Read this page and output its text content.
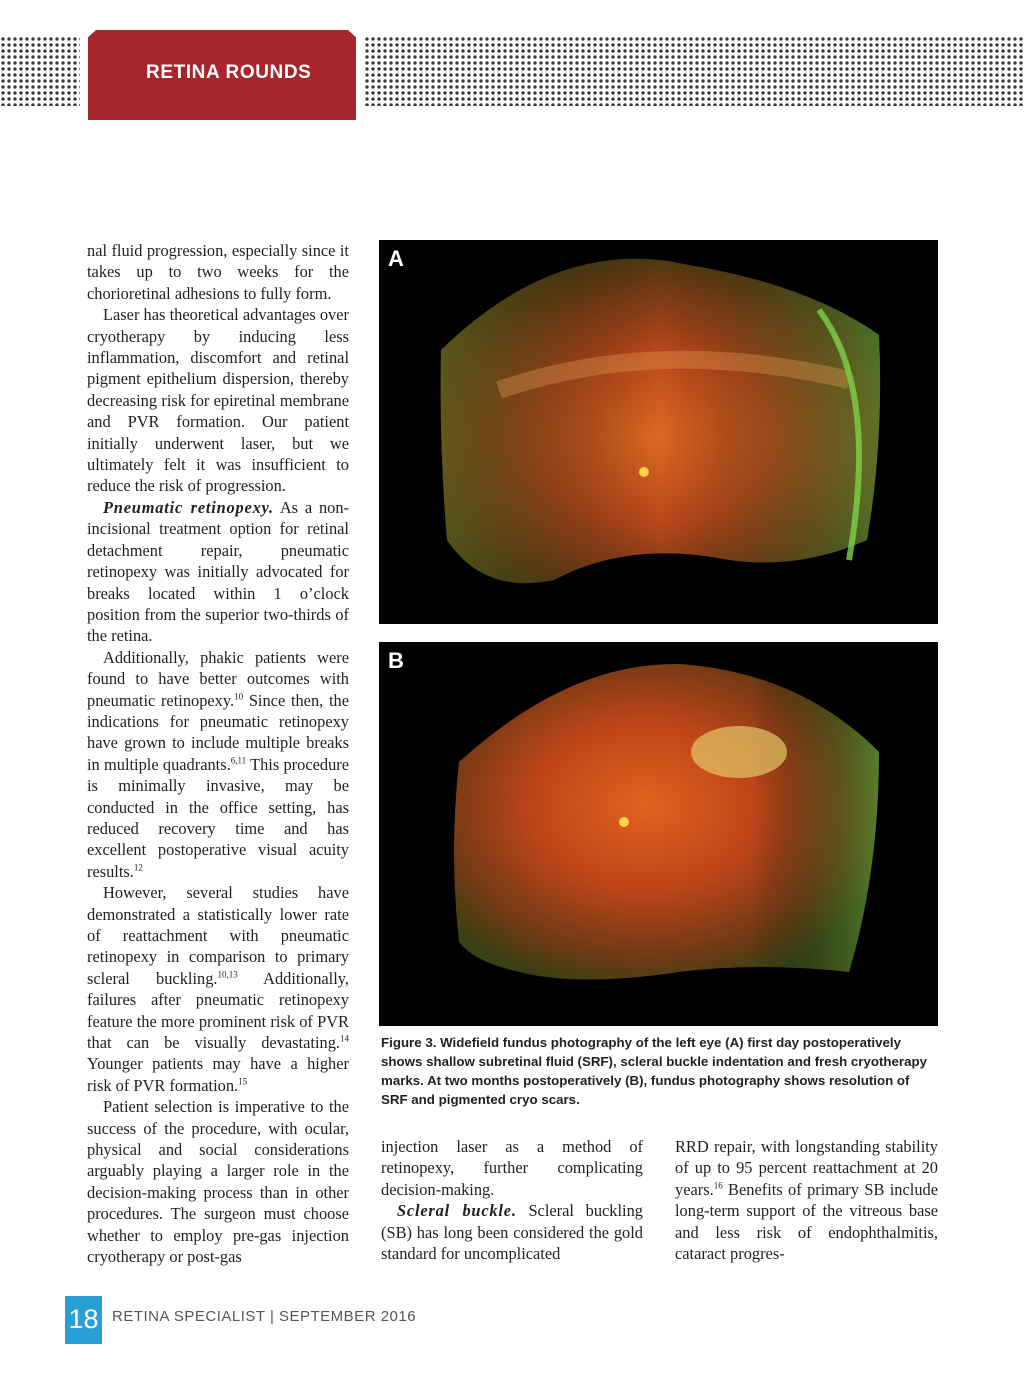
RETINA ROUNDS

nal fluid progression, especially since it takes up to two weeks for the chorioretinal adhesions to fully form.

Laser has theoretical advantages over cryotherapy by inducing less inflammation, discomfort and retinal pigment epithelium dispersion, thereby decreasing risk for epiretinal membrane and PVR formation. Our patient initially underwent laser, but we ultimately felt it was insufficient to reduce the risk of progression.

Pneumatic retinopexy. As a non-incisional treatment option for retinal detachment repair, pneumatic retinopexy was initially advocated for breaks located within 1 o’clock position from the superior two-thirds of the retina.

Additionally, phakic patients were found to have better outcomes with pneumatic retinopexy.$^{10}$ Since then, the indications for pneumatic retinopexy have grown to include multiple breaks in multiple quadrants.$^{6,11}$ This procedure is minimally invasive, may be conducted in the office setting, has reduced recovery time and has excellent postoperative visual acuity results.$^{12}$

However, several studies have demonstrated a statistically lower rate of reattachment with pneumatic retinopexy in comparison to primary scleral buckling.$^{10,13}$ Additionally, failures after pneumatic retinopexy feature the more prominent risk of PVR that can be visually devastating.$^{14}$ Younger patients may have a higher risk of PVR formation.$^{15}$

Patient selection is imperative to the success of the procedure, with ocular, physical and social considerations arguably playing a larger role in the decision-making process than in other procedures. The surgeon must choose whether to employ pre-gas injection cryotherapy or post-gas

A
B
Figure 3. Widefield fundus photography of the left eye (A) first day postoperatively shows shallow subretinal fluid (SRF), scleral buckle indentation and fresh cryotherapy marks. At two months postoperatively (B), fundus photography shows resolution of SRF and pigmented cryo scars.

injection laser as a method of retinopexy, further complicating decision-making.

Scleral buckle. Scleral buckling (SB) has long been considered the gold standard for uncomplicated

RRD repair, with longstanding stability of up to 95 percent reattachment at 20 years.$^{16}$ Benefits of primary SB include long-term support of the vitreous base and less risk of endophthalmitis, cataract progres-

18 RETINA SPECIALIST | SEPTEMBER 2016
